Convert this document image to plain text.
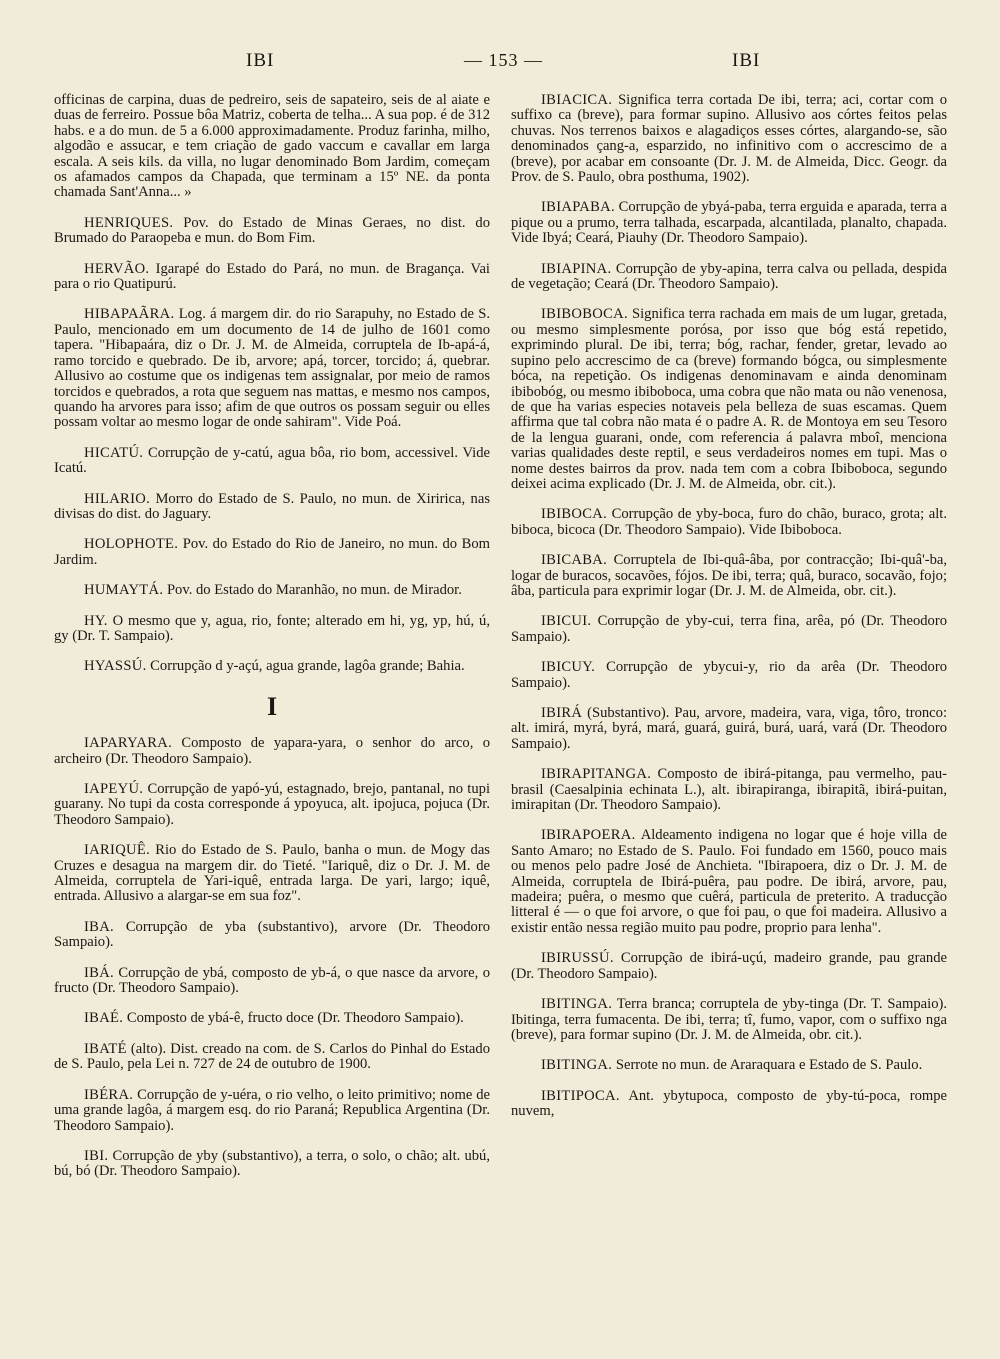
IBI	— 153 —	IBI

officinas de carpina, duas de pedreiro, seis de sapateiro, seis de al aiate e duas de ferreiro. Possue bôa Matriz, coberta de telha... A sua pop. é de 312 habs. e a do mun. de 5 a 6.000 approximadamente. Produz farinha, milho, algodão e assucar, e tem criação de gado vaccum e cavallar em larga escala. A seis kils. da villa, no lugar denominado Bom Jardim, começam os afamados campos da Chapada, que terminam a 15º NE. da ponta chamada Sant'Anna... »

HENRIQUES. Pov. do Estado de Minas Geraes, no dist. do Brumado do Paraopeba e mun. do Bom Fim.

HERVÃO. Igarapé do Estado do Pará, no mun. de Bragança. Vai para o rio Quatipurú.

HIBAPAÃRA. Log. á margem dir. do rio Sarapuhy, no Estado de S. Paulo, mencionado em um documento de 14 de julho de 1601 como tapera. "Hibapaára, diz o Dr. J. M. de Almeida, corruptela de Ib-apá-á, ramo torcido e quebrado. De ib, arvore; apá, torcer, torcido; á, quebrar. Allusivo ao costume que os indigenas tem assignalar, por meio de ramos torcidos e quebrados, a rota que seguem nas mattas, e mesmo nos campos, quando ha arvores para isso; afim de que outros os possam seguir ou elles possam voltar ao mesmo logar de onde sahiram". Vide Poá.

HICATÚ. Corrupção de y-catú, agua bôa, rio bom, accessivel. Vide Icatú.

HILARIO. Morro do Estado de S. Paulo, no mun. de Xiririca, nas divisas do dist. do Jaguary.

HOLOPHOTE. Pov. do Estado do Rio de Janeiro, no mun. do Bom Jardim.

HUMAYTÁ. Pov. do Estado do Maranhão, no mun. de Mirador.

HY. O mesmo que y, agua, rio, fonte; alterado em hi, yg, yp, hú, ú, gy (Dr. T. Sampaio).

HYASSÚ. Corrupção d y-açú, agua grande, lagôa grande; Bahia.

I

IAPARYARA. Composto de yapara-yara, o senhor do arco, o archeiro (Dr. Theodoro Sampaio).

IAPEYÚ. Corrupção de yapó-yú, estagnado, brejo, pantanal, no tupi guarany. No tupi da costa corresponde á ypoyuca, alt. ipojuca, pojuca (Dr. Theodoro Sampaio).

IARIQUÊ. Rio do Estado de S. Paulo, banha o mun. de Mogy das Cruzes e desagua na margem dir. do Tieté. "Iariquê, diz o Dr. J. M. de Almeida, corruptela de Yari-iquê, entrada larga. De yari, largo; iquê, entrada. Allusivo a alargar-se em sua foz".

IBA. Corrupção de yba (substantivo), arvore (Dr. Theodoro Sampaio).

IBÁ. Corrupção de ybá, composto de yb-á, o que nasce da arvore, o fructo (Dr. Theodoro Sampaio).

IBAÉ. Composto de ybá-ê, fructo doce (Dr. Theodoro Sampaio).

IBATÉ (alto). Dist. creado na com. de S. Carlos do Pinhal do Estado de S. Paulo, pela Lei n. 727 de 24 de outubro de 1900.

IBÉRA. Corrupção de y-uéra, o rio velho, o leito primitivo; nome de uma grande lagôa, á margem esq. do rio Paraná; Republica Argentina (Dr. Theodoro Sampaio).

IBI. Corrupção de yby (substantivo), a terra, o solo, o chão; alt. ubú, bú, bó (Dr. Theodoro Sampaio).

IBIACICA. Significa terra cortada De ibi, terra; aci, cortar com o suffixo ca (breve), para formar supino. Allusivo aos córtes feitos pelas chuvas. Nos terrenos baixos e alagadiços esses córtes, alargando-se, são denominados çang-a, esparzido, no infinitivo com o accrescimo de a (breve), por acabar em consoante (Dr. J. M. de Almeida, Dicc. Geogr. da Prov. de S. Paulo, obra posthuma, 1902).

IBIAPABA. Corrupção de ybyá-paba, terra erguida e aparada, terra a pique ou a prumo, terra talhada, escarpada, alcantilada, planalto, chapada. Vide Ibyá; Ceará, Piauhy (Dr. Theodoro Sampaio).

IBIAPINA. Corrupção de yby-apina, terra calva ou pellada, despida de vegetação; Ceará (Dr. Theodoro Sampaio).

IBIBOBOCA. Significa terra rachada em mais de um lugar, gretada, ou mesmo simplesmente porósa, por isso que bóg está repetido, exprimindo plural. De ibi, terra; bóg, rachar, fender, gretar, levado ao supino pelo accrescimo de ca (breve) formando bógca, ou simplesmente bóca, na repetição. Os indigenas denominavam e ainda denominam ibibobóg, ou mesmo ibiboboca, uma cobra que não mata ou não venenosa, de que ha varias especies notaveis pela belleza de suas escamas. Quem affirma que tal cobra não mata é o padre A. R. de Montoya em seu Tesoro de la lengua guarani, onde, com referencia á palavra mboî, menciona varias qualidades deste reptil, e seus verdadeiros nomes em tupi. Mas o nome destes bairros da prov. nada tem com a cobra Ibiboboca, segundo deixei acima explicado (Dr. J. M. de Almeida, obr. cit.).

IBIBOCA. Corrupção de yby-boca, furo do chão, buraco, grota; alt. biboca, bicoca (Dr. Theodoro Sampaio). Vide Ibiboboca.

IBICABA. Corruptela de Ibi-quâ-âba, por contracção; Ibi-quâ'-ba, logar de buracos, socavões, fójos. De ibi, terra; quâ, buraco, socavão, fojo; âba, particula para exprimir logar (Dr. J. M. de Almeida, obr. cit.).

IBICUI. Corrupção de yby-cui, terra fina, arêa, pó (Dr. Theodoro Sampaio).

IBICUY. Corrupção de ybycui-y, rio da arêa (Dr. Theodoro Sampaio).

IBIRÁ (Substantivo). Pau, arvore, madeira, vara, viga, tôro, tronco: alt. imirá, myrá, byrá, mará, guará, guirá, burá, uará, vará (Dr. Theodoro Sampaio).

IBIRAPITANGA. Composto de ibirá-pitanga, pau vermelho, pau-brasil (Caesalpinia echinata L.), alt. ibirapiranga, ibirapitã, ibirá-puitan, imirapitan (Dr. Theodoro Sampaio).

IBIRAPOERA. Aldeamento indigena no logar que é hoje villa de Santo Amaro; no Estado de S. Paulo. Foi fundado em 1560, pouco mais ou menos pelo padre José de Anchieta. "Ibirapoera, diz o Dr. J. M. de Almeida, corruptela de Ibirá-puêra, pau podre. De ibirá, arvore, pau, madeira; puêra, o mesmo que cuêrá, particula de preterito. A traducção litteral é — o que foi arvore, o que foi pau, o que foi madeira. Allusivo a existir então nessa região muito pau podre, proprio para lenha".

IBIRUSSÚ. Corrupção de ibirá-uçú, madeiro grande, pau grande (Dr. Theodoro Sampaio).

IBITINGA. Terra branca; corruptela de yby-tinga (Dr. T. Sampaio). Ibitinga, terra fumacenta. De ibi, terra; tî, fumo, vapor, com o suffixo nga (breve), para formar supino (Dr. J. M. de Almeida, obr. cit.).

IBITINGA. Serrote no mun. de Araraquara e Estado de S. Paulo.

IBITIPOCA. Ant. ybytupoca, composto de yby-tú-poca, rompe nuvem,
